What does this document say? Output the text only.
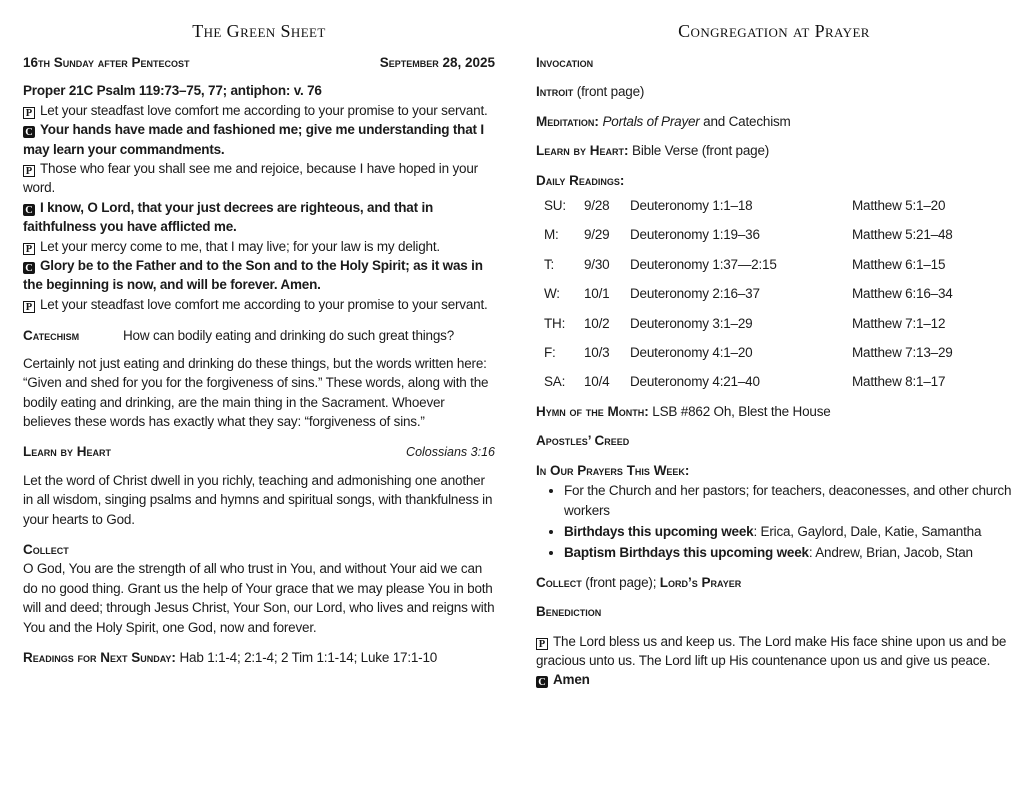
The Green Sheet
16th Sunday after Pentecost	September 28, 2025
Proper 21C Psalm 119:73–75, 77; antiphon: v. 76
P Let your steadfast love comfort me according to your promise to your servant.
C Your hands have made and fashioned me; give me understanding that I may learn your commandments.
P Those who fear you shall see me and rejoice, because I have hoped in your word.
C I know, O Lord, that your just decrees are righteous, and that in faithfulness you have afflicted me.
P Let your mercy come to me, that I may live; for your law is my delight.
C Glory be to the Father and to the Son and to the Holy Spirit; as it was in the beginning is now, and will be forever. Amen.
P Let your steadfast love comfort me according to your promise to your servant.
Catechism	How can bodily eating and drinking do such great things?

Certainly not just eating and drinking do these things, but the words written here: “Given and shed for you for the forgiveness of sins.” These words, along with the bodily eating and drinking, are the main thing in the Sacrament. Whoever believes these words has exactly what they say: “forgiveness of sins.”

Learn by Heart	Colossians 3:16

Let the word of Christ dwell in you richly, teaching and admonishing one another in all wisdom, singing psalms and hymns and spiritual songs, with thankfulness in your hearts to God.

Collect
O God, You are the strength of all who trust in You, and without Your aid we can do no good thing. Grant us the help of Your grace that we may please You in both will and deed; through Jesus Christ, Your Son, our Lord, who lives and reigns with You and the Holy Spirit, one God, now and forever.
Readings for Next Sunday: Hab 1:1-4; 2:1-4; 2 Tim 1:1-14; Luke 17:1-10
Congregation at Prayer
Invocation
Introit (front page)
Meditation: Portals of Prayer and Catechism
Learn by Heart: Bible Verse (front page)
Daily Readings:
SU:	9/28	Deuteronomy 1:1–18	Matthew 5:1–20
M:	9/29	Deuteronomy 1:19–36	Matthew 5:21–48
T:	9/30	Deuteronomy 1:37—2:15	Matthew 6:1–15
W:	10/1	Deuteronomy 2:16–37	Matthew 6:16–34
TH:	10/2	Deuteronomy 3:1–29	Matthew 7:1–12
F:	10/3	Deuteronomy 4:1–20	Matthew 7:13–29
SA:	10/4	Deuteronomy 4:21–40	Matthew 8:1–17
Hymn of the Month: LSB #862 Oh, Blest the House
Apostles’ Creed
In Our Prayers This Week:
• For the Church and her pastors; for teachers, deaconesses, and other church workers
• Birthdays this upcoming week: Erica, Gaylord, Dale, Katie, Samantha
• Baptism Birthdays this upcoming week: Andrew, Brian, Jacob, Stan
Collect (front page); Lord’s Prayer
Benediction
P The Lord bless us and keep us. The Lord make His face shine upon us and be gracious unto us. The Lord lift up His countenance upon us and give us peace.
C Amen
